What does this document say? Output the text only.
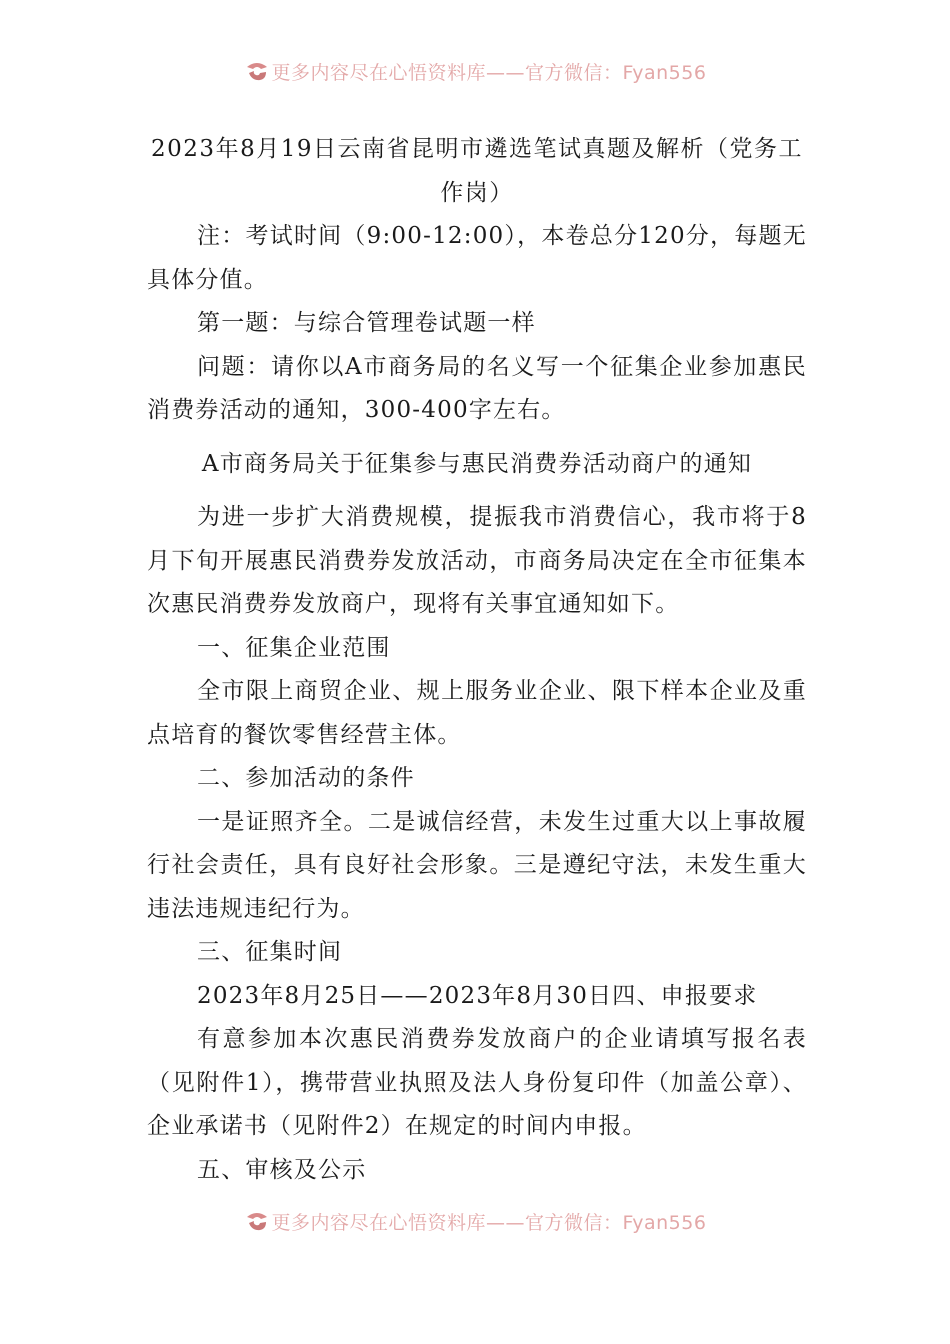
更多内容尽在心悟资料库——官方微信：Fyan556
2023年8月19日云南省昆明市遴选笔试真题及解析（党务工作岗）

注：考试时间（9:00-12:00），本卷总分120分，每题无具体分值。

第一题：与综合管理卷试题一样

问题：请你以A市商务局的名义写一个征集企业参加惠民消费券活动的通知，300-400字左右。

A市商务局关于征集参与惠民消费券活动商户的通知

为进一步扩大消费规模，提振我市消费信心，我市将于8月下旬开展惠民消费券发放活动，市商务局决定在全市征集本次惠民消费券发放商户，现将有关事宜通知如下。

一、征集企业范围

全市限上商贸企业、规上服务业企业、限下样本企业及重点培育的餐饮零售经营主体。

二、参加活动的条件

一是证照齐全。二是诚信经营，未发生过重大以上事故履行社会责任，具有良好社会形象。三是遵纪守法，未发生重大违法违规违纪行为。

三、征集时间

2023年8月25日——2023年8月30日四、申报要求

有意参加本次惠民消费券发放商户的企业请填写报名表（见附件1），携带营业执照及法人身份复印件（加盖公章）、企业承诺书（见附件2）在规定的时间内申报。

五、审核及公示

更多内容尽在心悟资料库——官方微信：Fyan556
